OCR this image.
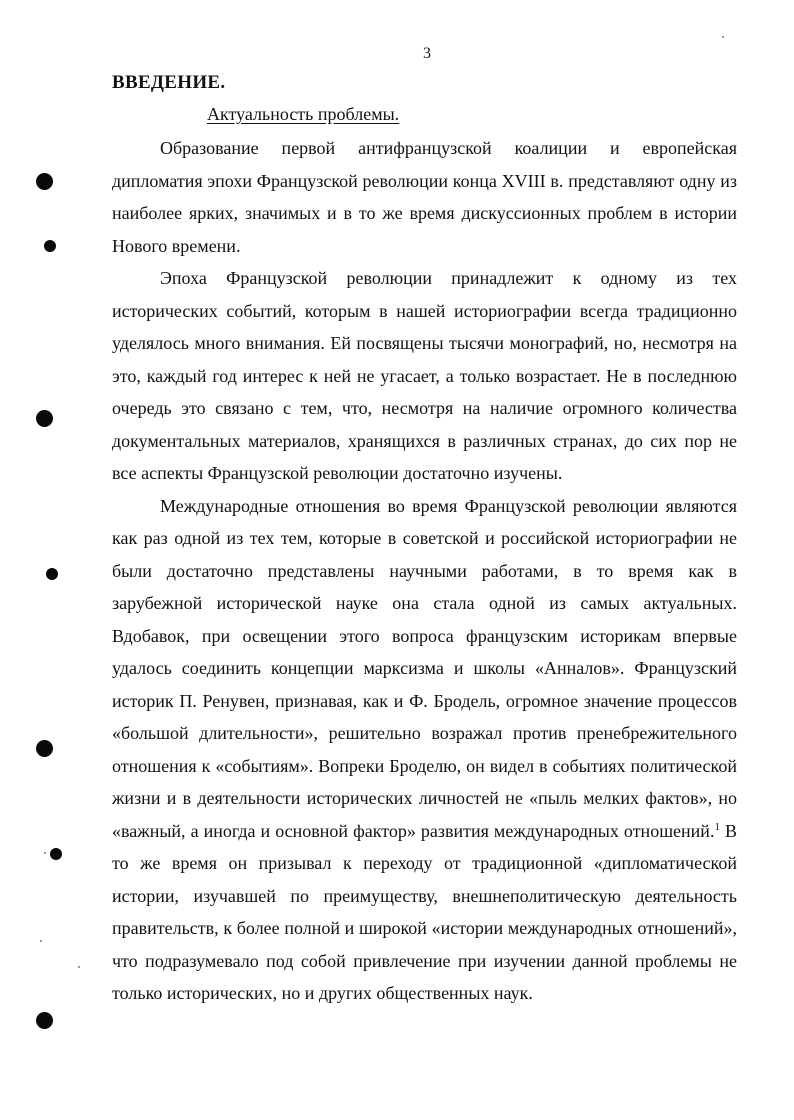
3
ВВЕДЕНИЕ.
Актуальность проблемы.

Образование первой антифранцузской коалиции и европейская дипломатия эпохи Французской революции конца XVIII в. представляют одну из наиболее ярких, значимых и в то же время дискуссионных проблем в истории Нового времени.

Эпоха Французской революции принадлежит к одному из тех исторических событий, которым в нашей историографии всегда традиционно уделялось много внимания. Ей посвящены тысячи монографий, но, несмотря на это, каждый год интерес к ней не угасает, а только возрастает. Не в последнюю очередь это связано с тем, что, несмотря на наличие огромного количества документальных материалов, хранящихся в различных странах, до сих пор не все аспекты Французской революции достаточно изучены.

Международные отношения во время Французской революции являются как раз одной из тех тем, которые в советской и российской историографии не были достаточно представлены научными работами, в то время как в зарубежной исторической науке она стала одной из самых актуальных. Вдобавок, при освещении этого вопроса французским историкам впервые удалось соединить концепции марксизма и школы «Анналов». Французский историк П. Ренувен, признавая, как и Ф. Бродель, огромное значение процессов «большой длительности», решительно возражал против пренебрежительного отношения к «событиям». Вопреки Броделю, он видел в событиях политической жизни и в деятельности исторических личностей не «пыль мелких фактов», но «важный, а иногда и основной фактор» развития международных отношений.$^1$ В то же время он призывал к переходу от традиционной «дипломатической истории, изучавшей по преимуществу, внешнеполитическую деятельность правительств, к более полной и широкой «истории международных отношений», что подразумевало под собой привлечение при изучении данной проблемы не только исторических, но и других общественных наук.
